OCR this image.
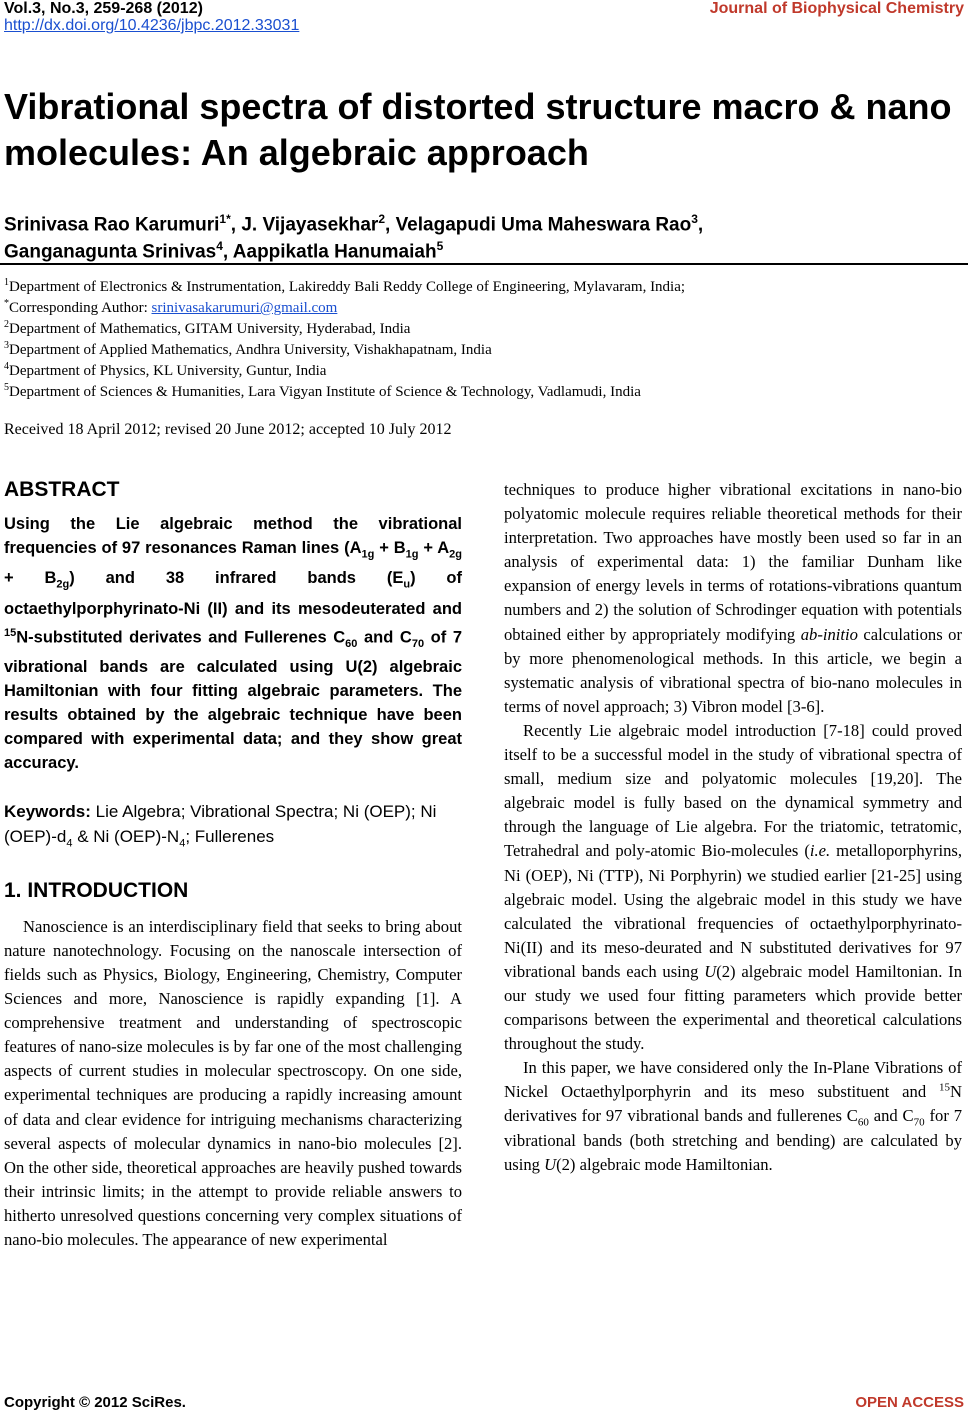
Vol.3, No.3, 259-268 (2012)	Journal of Biophysical Chemistry
http://dx.doi.org/10.4236/jbpc.2012.33031
Vibrational spectra of distorted structure macro & nano molecules: An algebraic approach
Srinivasa Rao Karumuri$^{1*}$, J. Vijayasekhar$^2$, Velagapudi Uma Maheswara Rao$^3$,
Ganganagunta Srinivas$^4$, Aappikatla Hanumaiah$^5$
$^1$Department of Electronics & Instrumentation, Lakireddy Bali Reddy College of Engineering, Mylavaram, India;
*Corresponding Author: srinivasakarumuri@gmail.com
$^2$Department of Mathematics, GITAM University, Hyderabad, India
$^3$Department of Applied Mathematics, Andhra University, Vishakhapatnam, India
$^4$Department of Physics, KL University, Guntur, India
$^5$Department of Sciences & Humanities, Lara Vigyan Institute of Science & Technology, Vadlamudi, India
Received 18 April 2012; revised 20 June 2012; accepted 10 July 2012
ABSTRACT

Using the Lie algebraic method the vibrational frequencies of 97 resonances Raman lines $(A_{1g} + B_{1g} + A_{2g} + B_{2g})$ and 38 infrared bands $(E_u)$ of octaethylporphyrinato-Ni (II) and its mesodeuterated and $^{15}$N-substituted derivates and Fullerenes $C_{60}$ and $C_{70}$ of 7 vibrational bands are calculated using U(2) algebraic Hamiltonian with four fitting algebraic parameters. The results obtained by the algebraic technique have been compared with experimental data; and they show great accuracy.

Keywords: Lie Algebra; Vibrational Spectra; Ni (OEP); Ni $(OEP)-d_4$ & Ni $(OEP)-N_4$; Fullerenes

1. INTRODUCTION

Nanoscience is an interdisciplinary field that seeks to bring about nature nanotechnology. Focusing on the nanoscale intersection of fields such as Physics, Biology, Engineering, Chemistry, Computer Sciences and more, Nanoscience is rapidly expanding [1]. A comprehensive treatment and understanding of spectroscopic features of nano-size molecules is by far one of the most challenging aspects of current studies in molecular spectroscopy. On one side, experimental techniques are producing a rapidly increasing amount of data and clear evidence for intriguing mechanisms characterizing several aspects of molecular dynamics in nano-bio molecules [2]. On the other side, theoretical approaches are heavily pushed towards their intrinsic limits; in the attempt to provide reliable answers to hitherto unresolved questions concerning very complex situations of nano-bio molecules. The appearance of new experimental

techniques to produce higher vibrational excitations in nano-bio polyatomic molecule requires reliable theoretical methods for their interpretation. Two approaches have mostly been used so far in an analysis of experimental data: 1) the familiar Dunham like expansion of energy levels in terms of rotations-vibrations quantum numbers and 2) the solution of Schrodinger equation with potentials obtained either by appropriately modifying ab-initio calculations or by more phenomenological methods. In this article, we begin a systematic analysis of vibrational spectra of bio-nano molecules in terms of novel approach; 3) Vibron model [3-6].

Recently Lie algebraic model introduction [7-18] could proved itself to be a successful model in the study of vibrational spectra of small, medium size and polyatomic molecules [19,20]. The algebraic model is fully based on the dynamical symmetry and through the language of Lie algebra. For the triatomic, tetratomic, Tetrahedral and poly-atomic Bio-molecules (i.e. metalloporphyrins, Ni (OEP), Ni (TTP), Ni Porphyrin) we studied earlier [21-25] using algebraic model. Using the algebraic model in this study we have calculated the vibrational frequencies of octaethylporphyrinato-Ni(II) and its meso-deurated and N substituted derivatives for 97 vibrational bands each using U(2) algebraic model Hamiltonian. In our study we used four fitting parameters which provide better comparisons between the experimental and theoretical calculations throughout the study.

In this paper, we have considered only the In-Plane Vibrations of Nickel Octaethylporphyrin and its meso substituent and $^{15}$N derivatives for 97 vibrational bands and fullerenes $C_{60}$ and $C_{70}$ for 7 vibrational bands (both stretching and bending) are calculated by using U(2) algebraic mode Hamiltonian.

Copyright © 2012 SciRes.	OPEN ACCESS
